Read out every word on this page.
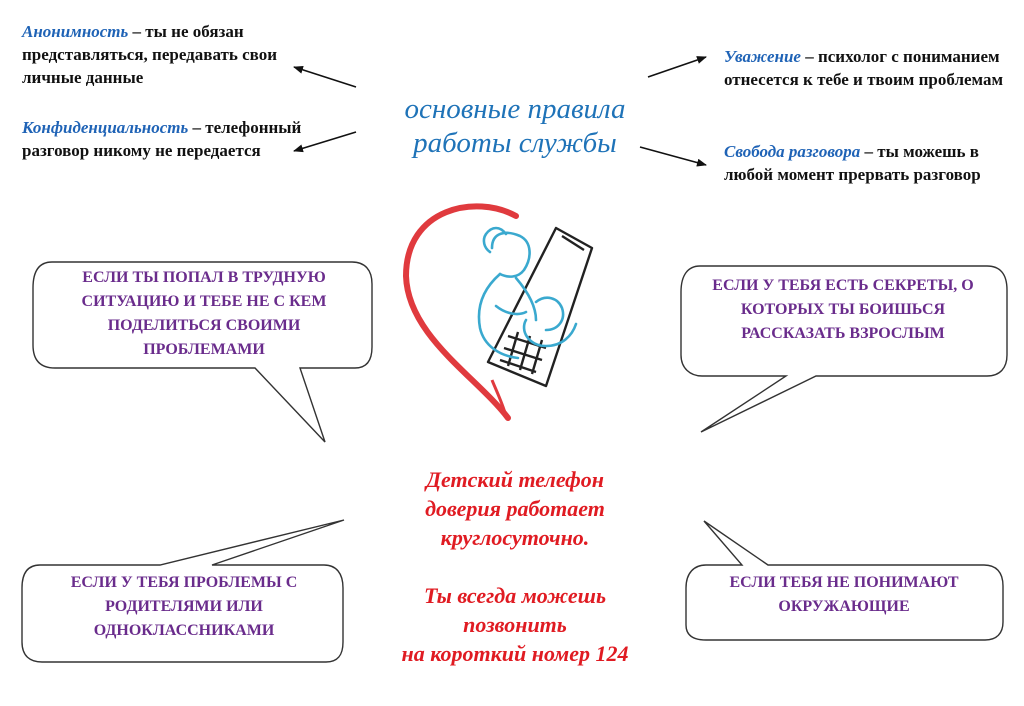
Анонимность – ты не обязан представляться, передавать свои личные данные
Конфиденциальность – телефонный разговор никому не передается
Уважение – психолог с пониманием отнесется к тебе и твоим проблемам
Свобода разговора – ты можешь в любой момент прервать разговор
основные правила
работы службы
ЕСЛИ ТЫ ПОПАЛ В ТРУДНУЮ СИТУАЦИЮ И ТЕБЕ НЕ С КЕМ ПОДЕЛИТЬСЯ СВОИМИ ПРОБЛЕМАМИ
ЕСЛИ У ТЕБЯ ЕСТЬ СЕКРЕТЫ, О КОТОРЫХ ТЫ БОИШЬСЯ РАССКАЗАТЬ ВЗРОСЛЫМ
ЕСЛИ У ТЕБЯ ПРОБЛЕМЫ С РОДИТЕЛЯМИ ИЛИ ОДНОКЛАССНИКАМИ
ЕСЛИ ТЕБЯ НЕ ПОНИМАЮТ ОКРУЖАЮЩИЕ
Детский телефон
доверия работает
круглосуточно.
Ты всегда можешь
позвонить
на короткий номер 124
